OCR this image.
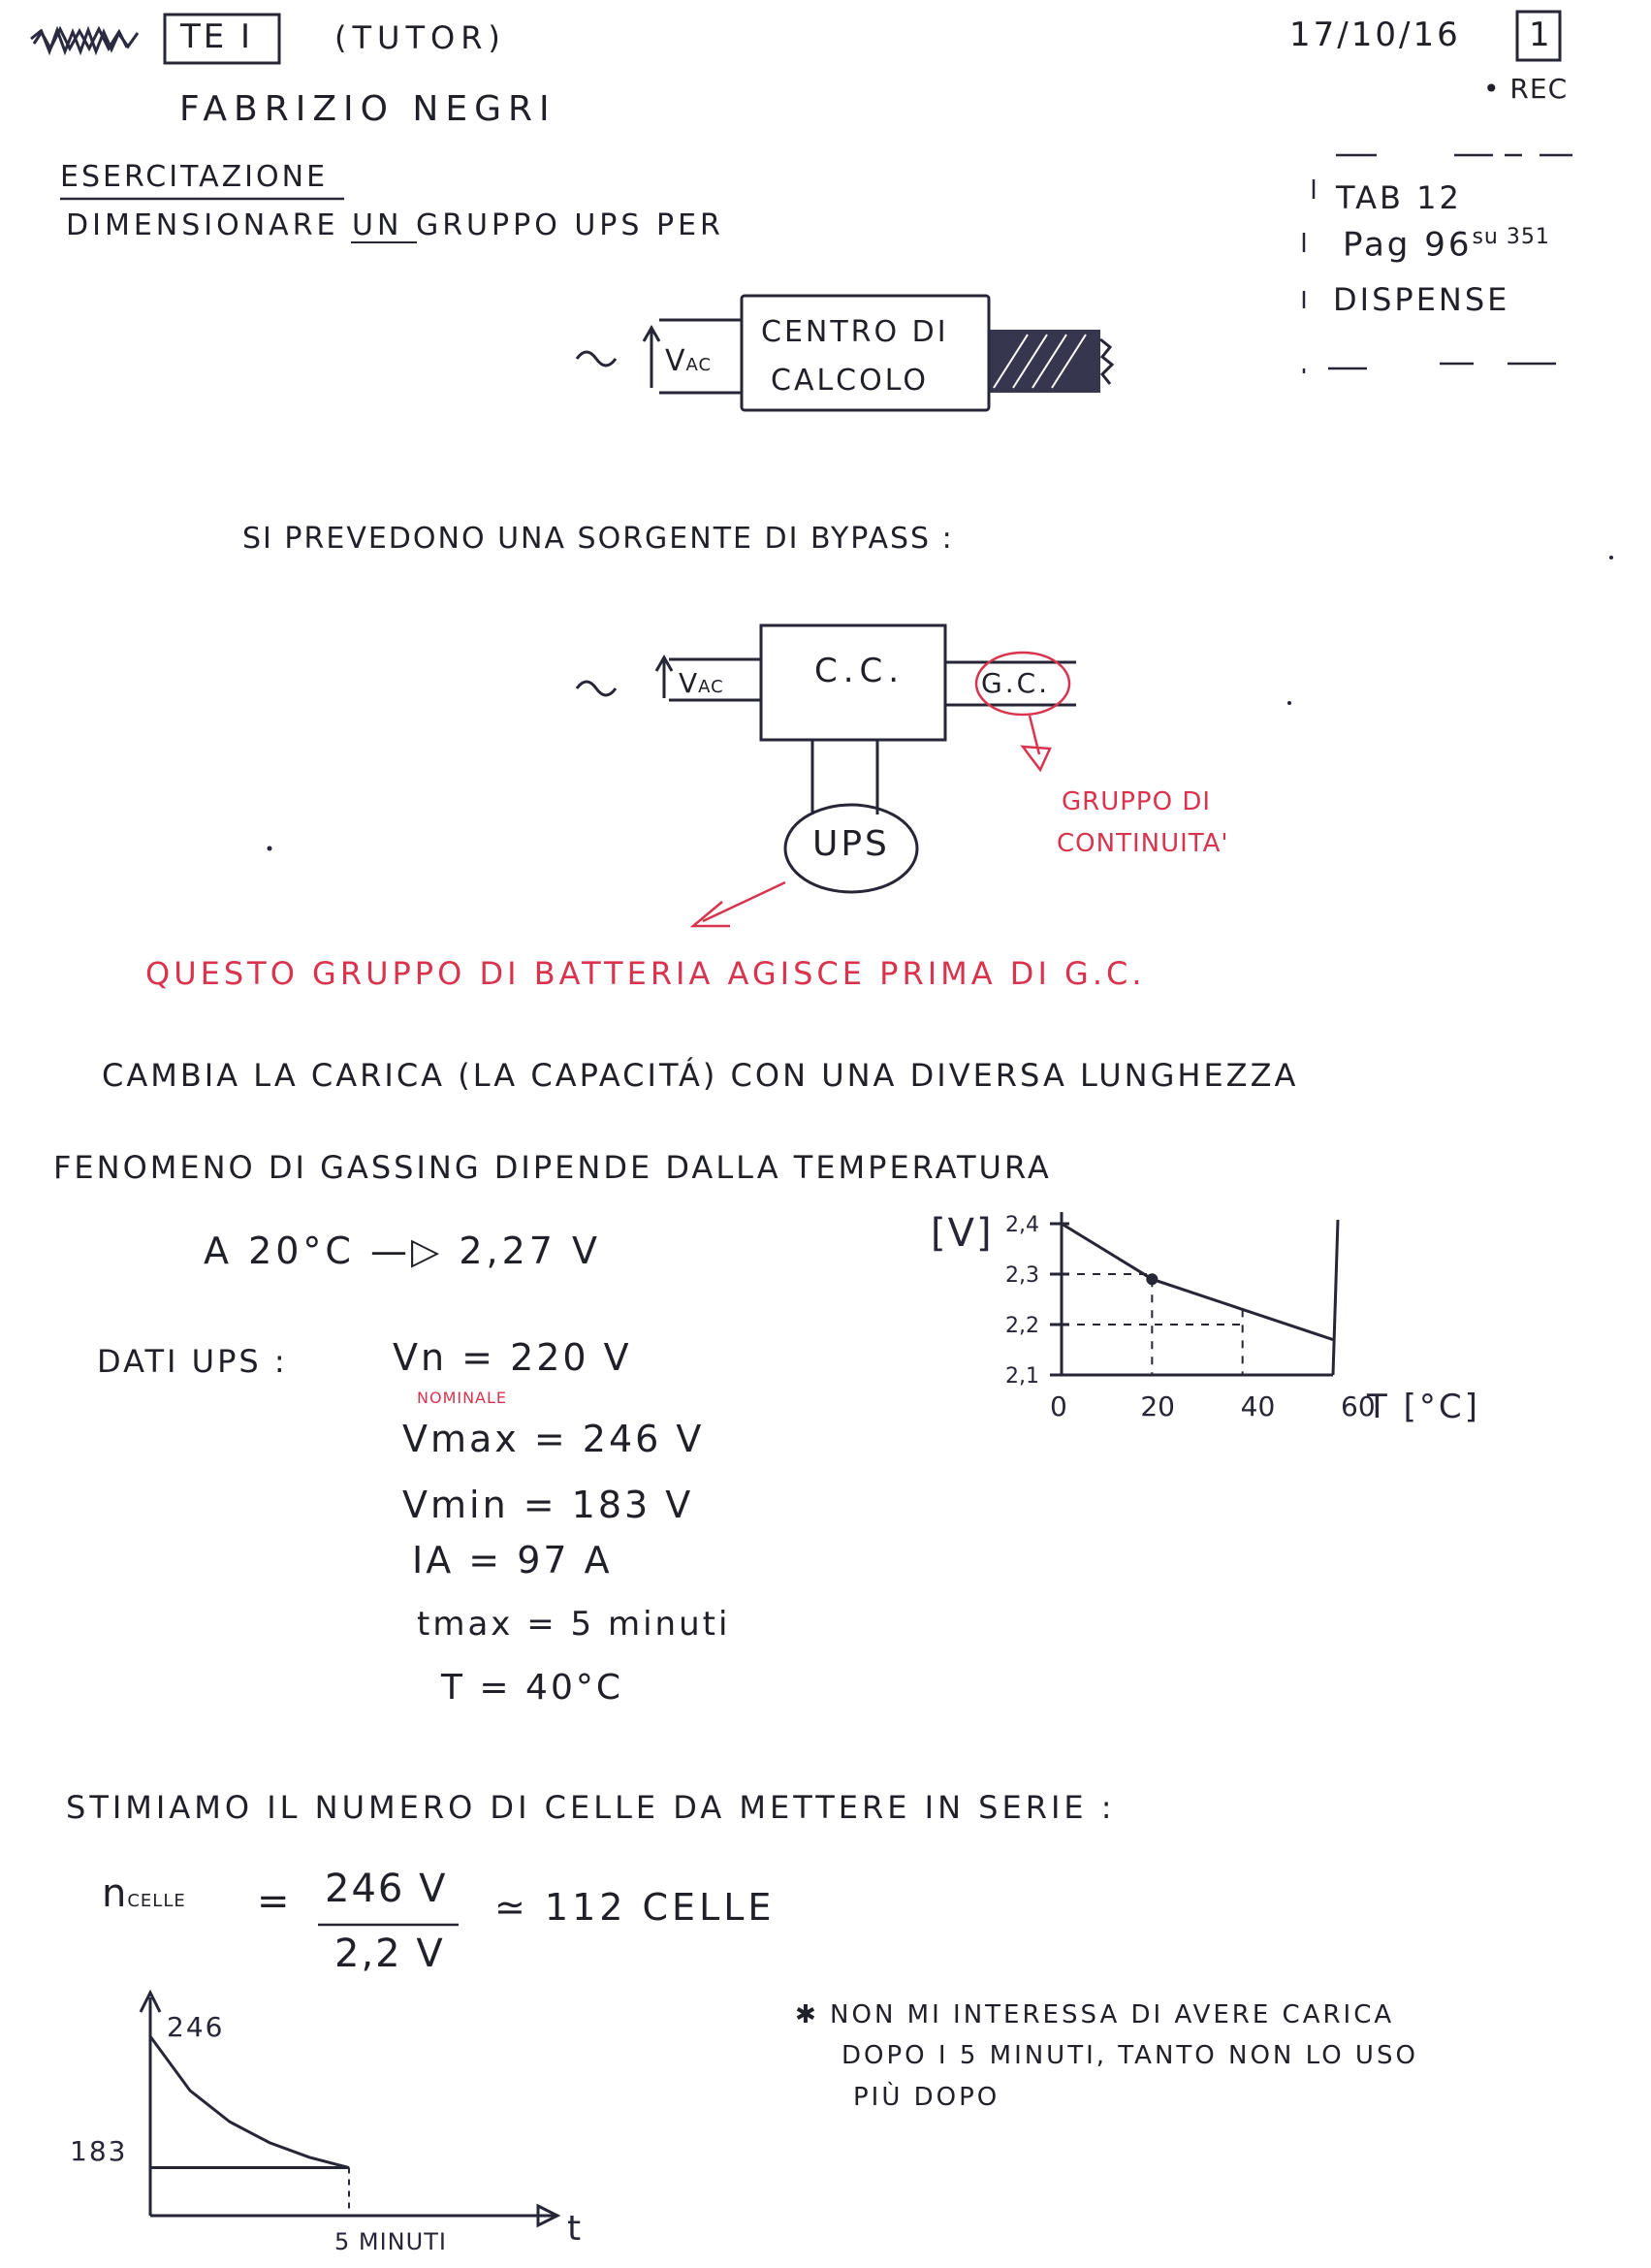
2,4
2,3
2,2
2,1
0	20 40 60
[V]
T [°C]
246
183
5 MINUTI	t
TE I	(TUTOR)
FABRIZIO NEGRI
17/10/16 1
• REC
TAB 12
Pag $96^{su 351}$
DISPENSE
ESERCITAZIONE
DIMENSIONARE UN GRUPPO UPS PER
VAC
CENTRO DI
CALCOLO
SI PREVEDONO UNA SORGENTE DI BYPASS :
VAC	C.C.	G.C.
UPS
GRUPPO DI
CONTINUITA'
QUESTO GRUPPO DI BATTERIA AGISCE PRIMA DI G.C.
CAMBIA LA CARICA (LA CAPACITÁ) CON UNA DIVERSA LUNGHEZZA
FENOMENO DI GASSING DIPENDE DALLA TEMPERATURA
A 20°C —▷ 2,27 V
DATI UPS :
NOMINALE
Vn = 220 V
Vmax = 246 V
Vmin = 183 V
IA = 97 A
tmax = 5 minuti
T = 40°C
STIMIAMO IL NUMERO DI CELLE DA METTERE IN SERIE :
nCELLE = 246 V
2,2 V
≃ 112 CELLE
✱ NON MI INTERESSA DI AVERE CARICA
DOPO I 5 MINUTI, TANTO NON LO USO
PIÙ DOPO
